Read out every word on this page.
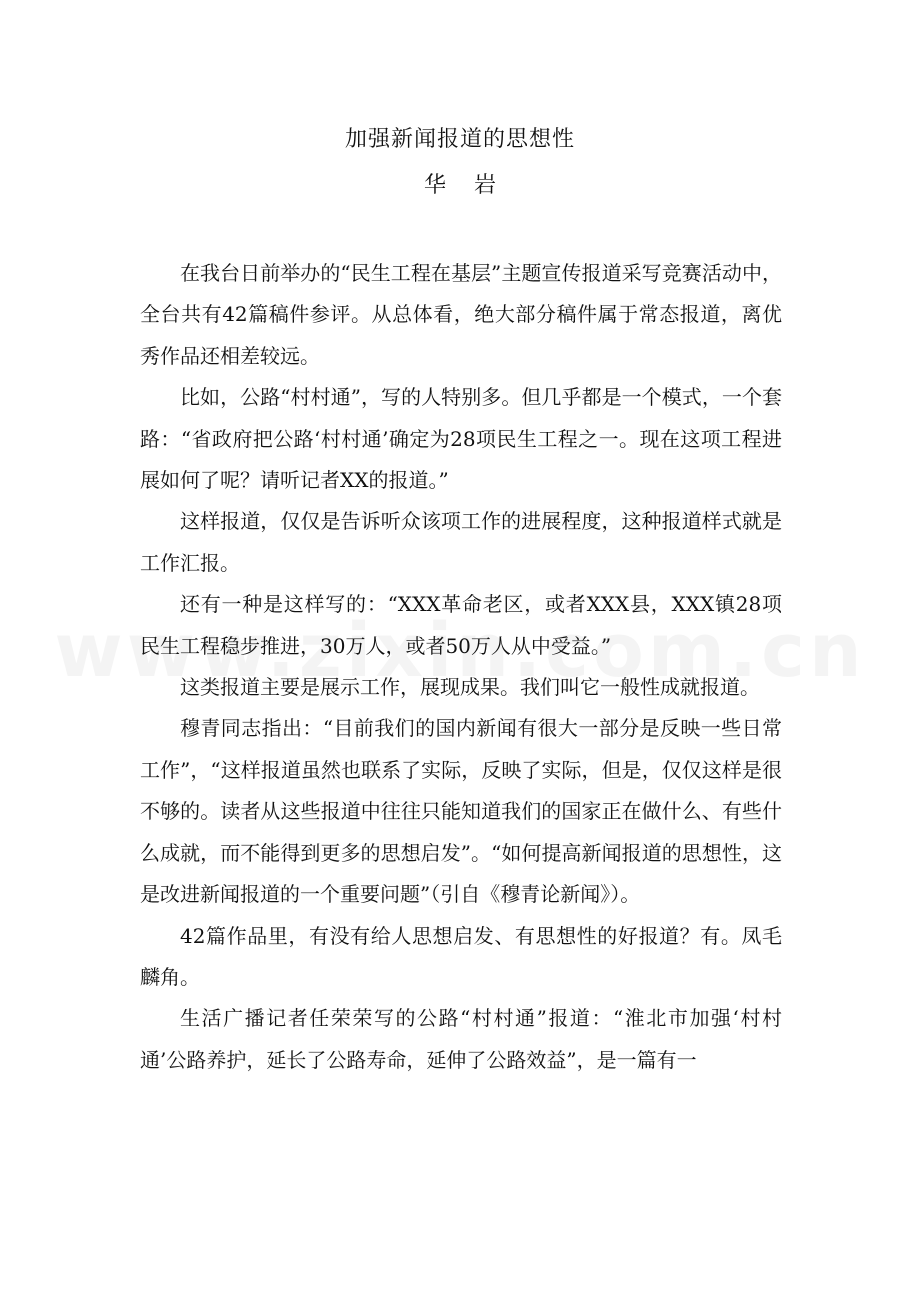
加强新闻报道的思想性
华岩

在我台日前举办的“民生工程在基层”主题宣传报道采写竞赛活动中，全台共有42篇稿件参评。从总体看，绝大部分稿件属于常态报道，离优秀作品还相差较远。

比如，公路“村村通”，写的人特别多。但几乎都是一个模式，一个套路：“省政府把公路‘村村通’确定为28项民生工程之一。现在这项工程进展如何了呢？请听记者XX的报道。”

这样报道，仅仅是告诉听众该项工作的进展程度，这种报道样式就是工作汇报。

还有一种是这样写的：“XXX革命老区，或者XXX县，XXX镇28项民生工程稳步推进，30万人，或者50万人从中受益。”

这类报道主要是展示工作，展现成果。我们叫它一般性成就报道。

穆青同志指出：“目前我们的国内新闻有很大一部分是反映一些日常工作”，“这样报道虽然也联系了实际，反映了实际，但是，仅仅这样是很不够的。读者从这些报道中往往只能知道我们的国家正在做什么、有些什么成就，而不能得到更多的思想启发”。“如何提高新闻报道的思想性，这是改进新闻报道的一个重要问题”（引自《穆青论新闻》）。

42篇作品里，有没有给人思想启发、有思想性的好报道？有。凤毛麟角。

生活广播记者任荣荣写的公路“村村通”报道：“淮北市加强‘村村通’公路养护，延长了公路寿命，延伸了公路效益”，是一篇有一
